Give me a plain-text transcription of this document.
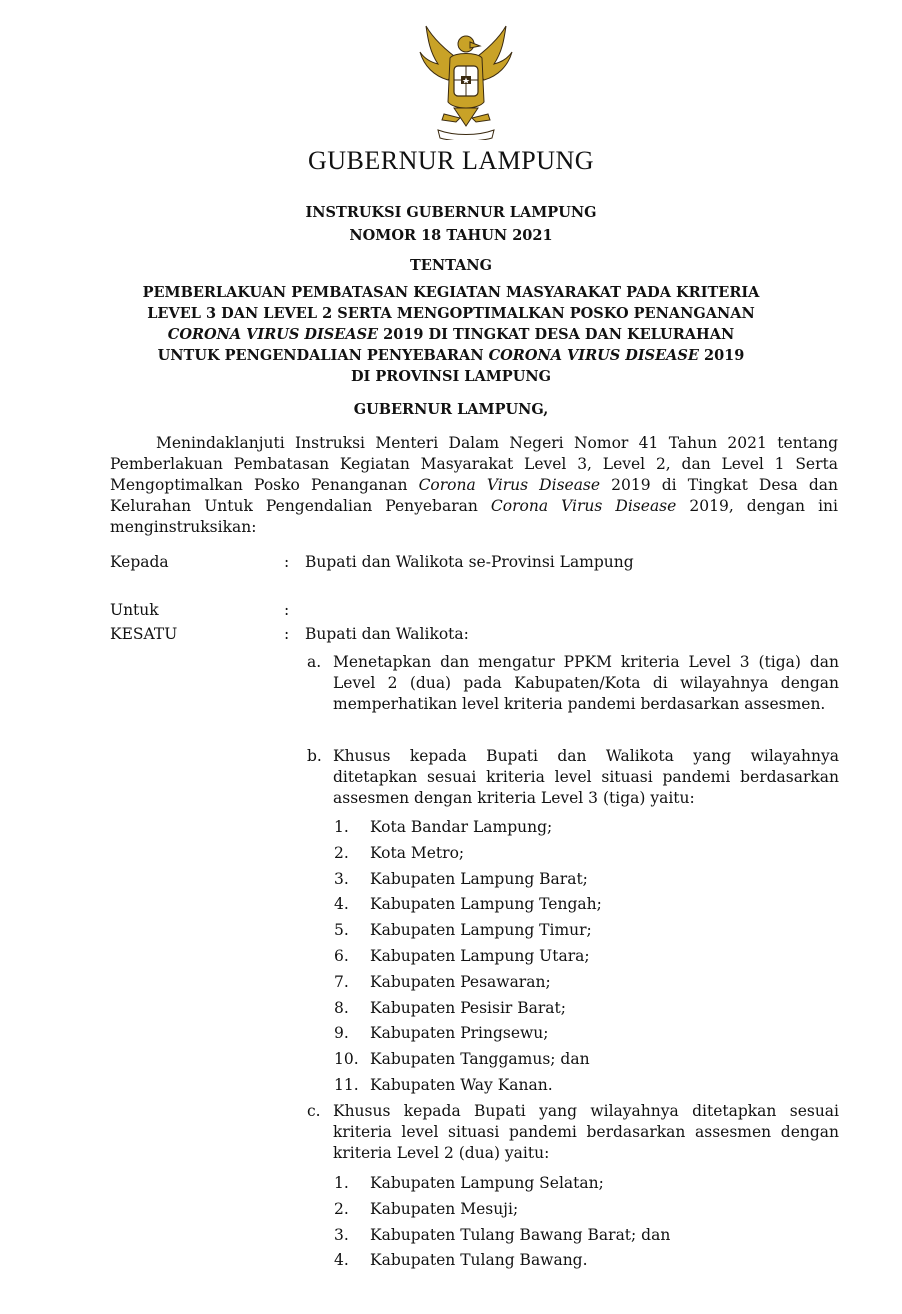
GUBERNUR LAMPUNG
INSTRUKSI GUBERNUR LAMPUNG
NOMOR 18 TAHUN 2021
TENTANG
PEMBERLAKUAN PEMBATASAN KEGIATAN MASYARAKAT PADA KRITERIA
LEVEL 3 DAN LEVEL 2 SERTA MENGOPTIMALKAN POSKO PENANGANAN
CORONA VIRUS DISEASE 2019 DI TINGKAT DESA DAN KELURAHAN
UNTUK PENGENDALIAN PENYEBARAN CORONA VIRUS DISEASE 2019
DI PROVINSI LAMPUNG
GUBERNUR LAMPUNG,
Menindaklanjuti Instruksi Menteri Dalam Negeri Nomor 41 Tahun 2021 tentang Pemberlakuan Pembatasan Kegiatan Masyarakat Level 3, Level 2, dan Level 1 Serta Mengoptimalkan Posko Penanganan Corona Virus Disease 2019 di Tingkat Desa dan Kelurahan Untuk Pengendalian Penyebaran Corona Virus Disease 2019, dengan ini menginstruksikan:
Kepada	: Bupati dan Walikota se-Provinsi Lampung
Untuk	:
KESATU	: Bupati dan Walikota:
a. Menetapkan dan mengatur PPKM kriteria Level 3 (tiga) dan Level 2 (dua) pada Kabupaten/Kota di wilayahnya dengan memperhatikan level kriteria pandemi berdasarkan assesmen.
b. Khusus kepada Bupati dan Walikota yang wilayahnya ditetapkan sesuai kriteria level situasi pandemi berdasarkan assesmen dengan kriteria Level 3 (tiga) yaitu:
1. Kota Bandar Lampung;
2. Kota Metro;
3. Kabupaten Lampung Barat;
4. Kabupaten Lampung Tengah;
5. Kabupaten Lampung Timur;
6. Kabupaten Lampung Utara;
7. Kabupaten Pesawaran;
8. Kabupaten Pesisir Barat;
9. Kabupaten Pringsewu;
10. Kabupaten Tanggamus; dan
11. Kabupaten Way Kanan.
c. Khusus kepada Bupati yang wilayahnya ditetapkan sesuai kriteria level situasi pandemi berdasarkan assesmen dengan kriteria Level 2 (dua) yaitu:
1. Kabupaten Lampung Selatan;
2. Kabupaten Mesuji;
3. Kabupaten Tulang Bawang Barat; dan
4. Kabupaten Tulang Bawang.
